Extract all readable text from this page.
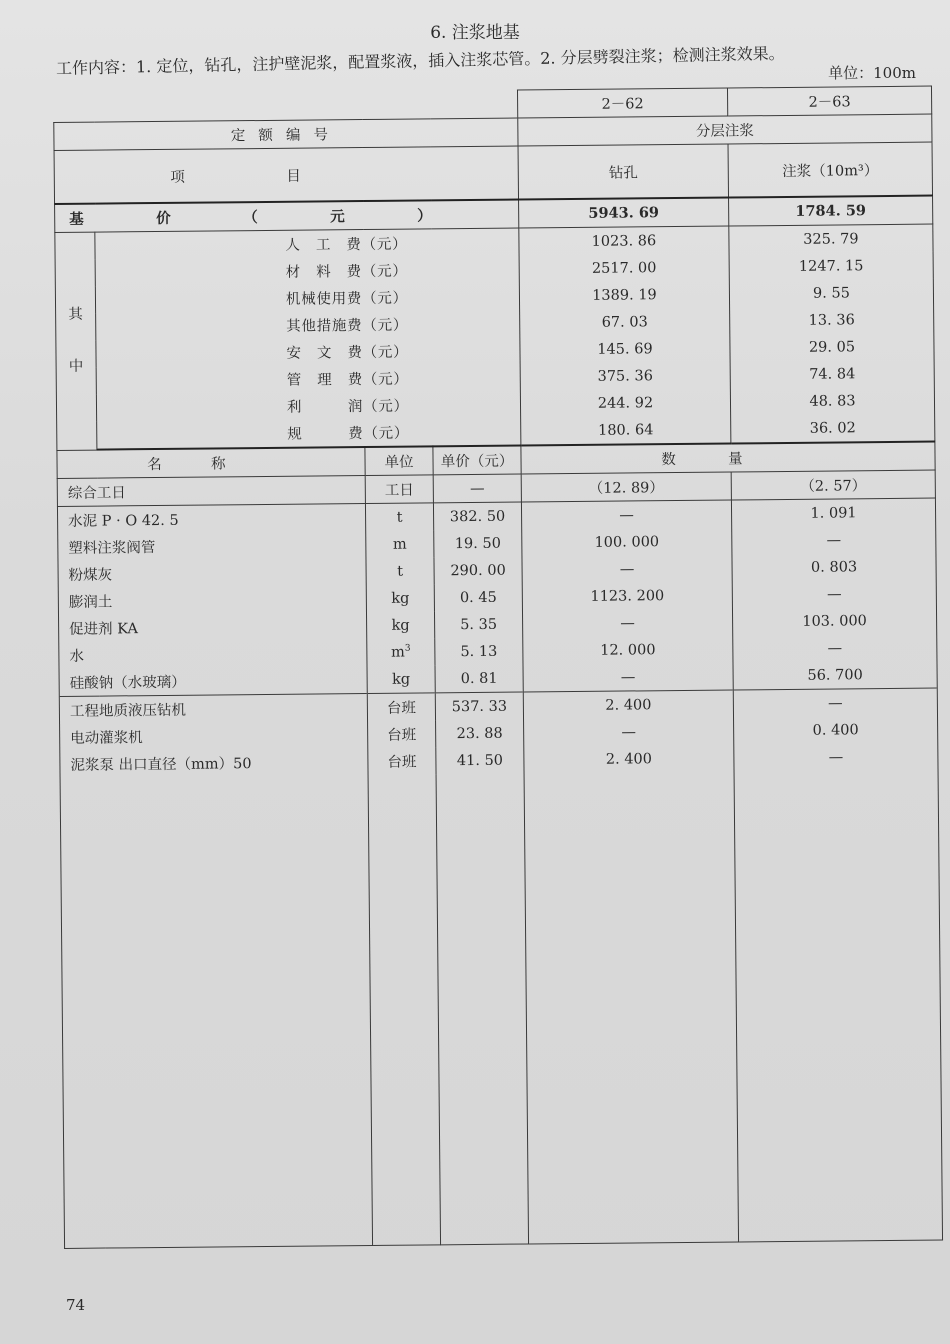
6. 注浆地基
工作内容：1. 定位，钻孔，注护壁泥浆，配置浆液，插入注浆芯管。2. 分层劈裂注浆；检测注浆效果。	单位：100m
				2－62	2－63
定额编号				分层注浆	
项目				钻孔	注浆（10m³）
基价（元）				5943. 69	1784. 59
其
中	人　工　费（元）			1023. 86	325. 79
	材　料　费（元）			2517. 00	1247. 15
	机械使用费（元）			1389. 19	9. 55
	其他措施费（元）			67. 03	13. 36
	安　文　费（元）			145. 69	29. 05
	管　理　费（元）			375. 36	74. 84
	利　　　润（元）			244. 92	48. 83
	规　　　费（元）			180. 64	36. 02
名称		单位	单价（元）	数量	
综合工日		工日	—	（12. 89）	（2. 57）
水泥 P · O 42. 5		t	382. 50	—	1. 091
塑料注浆阀管		m	19. 50	100. 000	—
粉煤灰		t	290. 00	—	0. 803
膨润土		kg	0. 45	1123. 200	—
促进剂 KA		kg	5. 35	—	103. 000
水		$m^3$	5. 13	12. 000	—
硅酸钠（水玻璃）		kg	0. 81	—	56. 700
工程地质液压钻机		台班	537. 33	2. 400	—
电动灌浆机		台班	23. 88	—	0. 400
泥浆泵 出口直径（mm）50		台班	41. 50	2. 400	—

74
